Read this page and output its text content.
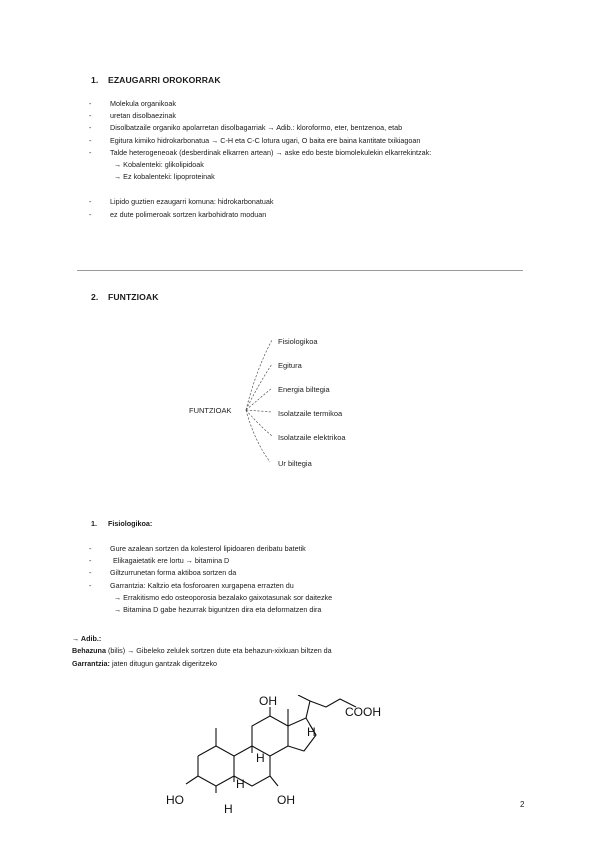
1. EZAUGARRI OROKORRAK
-	Molekula organikoak
-	uretan disolbaezinak
-	Disolbatzaile organiko apolarretan disolbagarriak → Adib.: kloroformo, eter, bentzenoa, etab
-	Egitura kimiko hidrokarbonatua → C-H eta C-C lotura ugari, O baita ere baina kantitate txikiagoan
-	Talde heterogeneoak (desberdinak elkarren artean) → aske edo beste biomolekulekin elkarrekintzak:
→ Kobalenteki: glikolipidoak
→ Ez kobalenteki: lipoproteinak
-	Lipido guztien ezaugarri komuna: hidrokarbonatuak
-	ez dute polimeroak sortzen karbohidrato moduan
2. FUNTZIOAK
FUNTZIOAK
Fisiologikoa
Egitura
Energia biltegia
Isolatzaile termikoa
Isolatzaile elektrikoa
Ur biltegia
1. Fisiologikoa:
-	Gure azalean sortzen da kolesterol lipidoaren deribatu batetik
-	Elikagaietatik ere lortu → bitamina D
-	Giltzurrunetan forma aktiboa sortzen da
-	Garrantzia: Kaltzio eta fosforoaren xurgapena errazten du
→ Errakitismo edo osteoporosia bezalako gaixotasunak sor daitezke
→ Bitamina D gabe hezurrak biguntzen dira eta deformatzen dira
→ Adib.:
Behazuna (bilis) → Gibeleko zelulek sortzen dute eta behazun-xixkuan biltzen da
Garrantzia: jaten ditugun gantzak digeritzeko
OH
COOH
H
H
H
HO
H
OH	2
